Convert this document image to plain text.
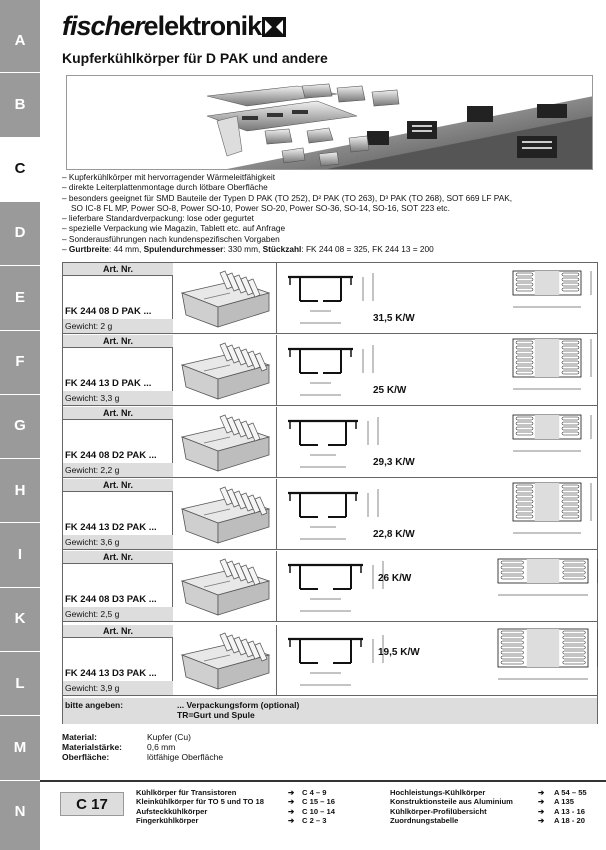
A
B
C
D
E
F
G
H
I
K
L
M
N
fischerelektronik
Kupferkühlkörper für D PAK und andere
– Kupferkühlkörper mit hervorragender Wärmeleitfähigkeit
– direkte Leiterplattenmontage durch lötbare Oberfläche
– besonders geeignet für SMD Bauteile der Typen D PAK (TO 252), D² PAK (TO 263), D³ PAK (TO 268), SOT 669 LF PAK,
SO IC-8 FL MP, Power SO-8, Power SO-10, Power SO-20, Power SO-36, SO-14, SO-16, SOT 223 etc.
– lieferbare Standardverpackung: lose oder gegurtet
– spezielle Verpackung wie Magazin, Tablett etc. auf Anfrage
– Sonderausführungen nach kundenspezifischen Vorgaben
– Gurtbreite: 44 mm, Spulendurchmesser: 330 mm, Stückzahl: FK 244 08 = 325, FK 244 13 = 200
bitte angeben:	... Verpackungsform (optional)
TR=Gurt und Spule
Art. Nr.
FK 244 08 D PAK ...
Gewicht: 2 g
31,5 K/W
Art. Nr.
FK 244 13 D PAK ...
Gewicht: 3,3 g
25 K/W
Art. Nr.
FK 244 08 D2 PAK ...
Gewicht: 2,2 g
29,3 K/W
Art. Nr.
FK 244 13 D2 PAK ...
Gewicht: 3,6 g
22,8 K/W
Art. Nr.
FK 244 08 D3 PAK ...
Gewicht: 2,5 g
26 K/W
Art. Nr.
FK 244 13 D3 PAK ...
Gewicht: 3,9 g
19,5 K/W
Material:	Kupfer (Cu)
Materialstärke:	0,6 mm
Oberfläche:	lötfähige Oberfläche
C 17
Kühlkörper für Transistoren	➔ C 4 – 9
Kleinkühlkörper für TO 5 und TO 18	➔ C 15 – 16
Aufsteckkühlkörper	➔ C 10 – 14
Fingerkühlkörper	➔ C 2 – 3
Hochleistungs-Kühlkörper	➔ A 54 – 55
Konstruktionsteile aus Aluminium	➔ A 135
Kühlkörper-Profilübersicht	➔ A 13 - 16
Zuordnungstabelle	➔ A 18 - 20
